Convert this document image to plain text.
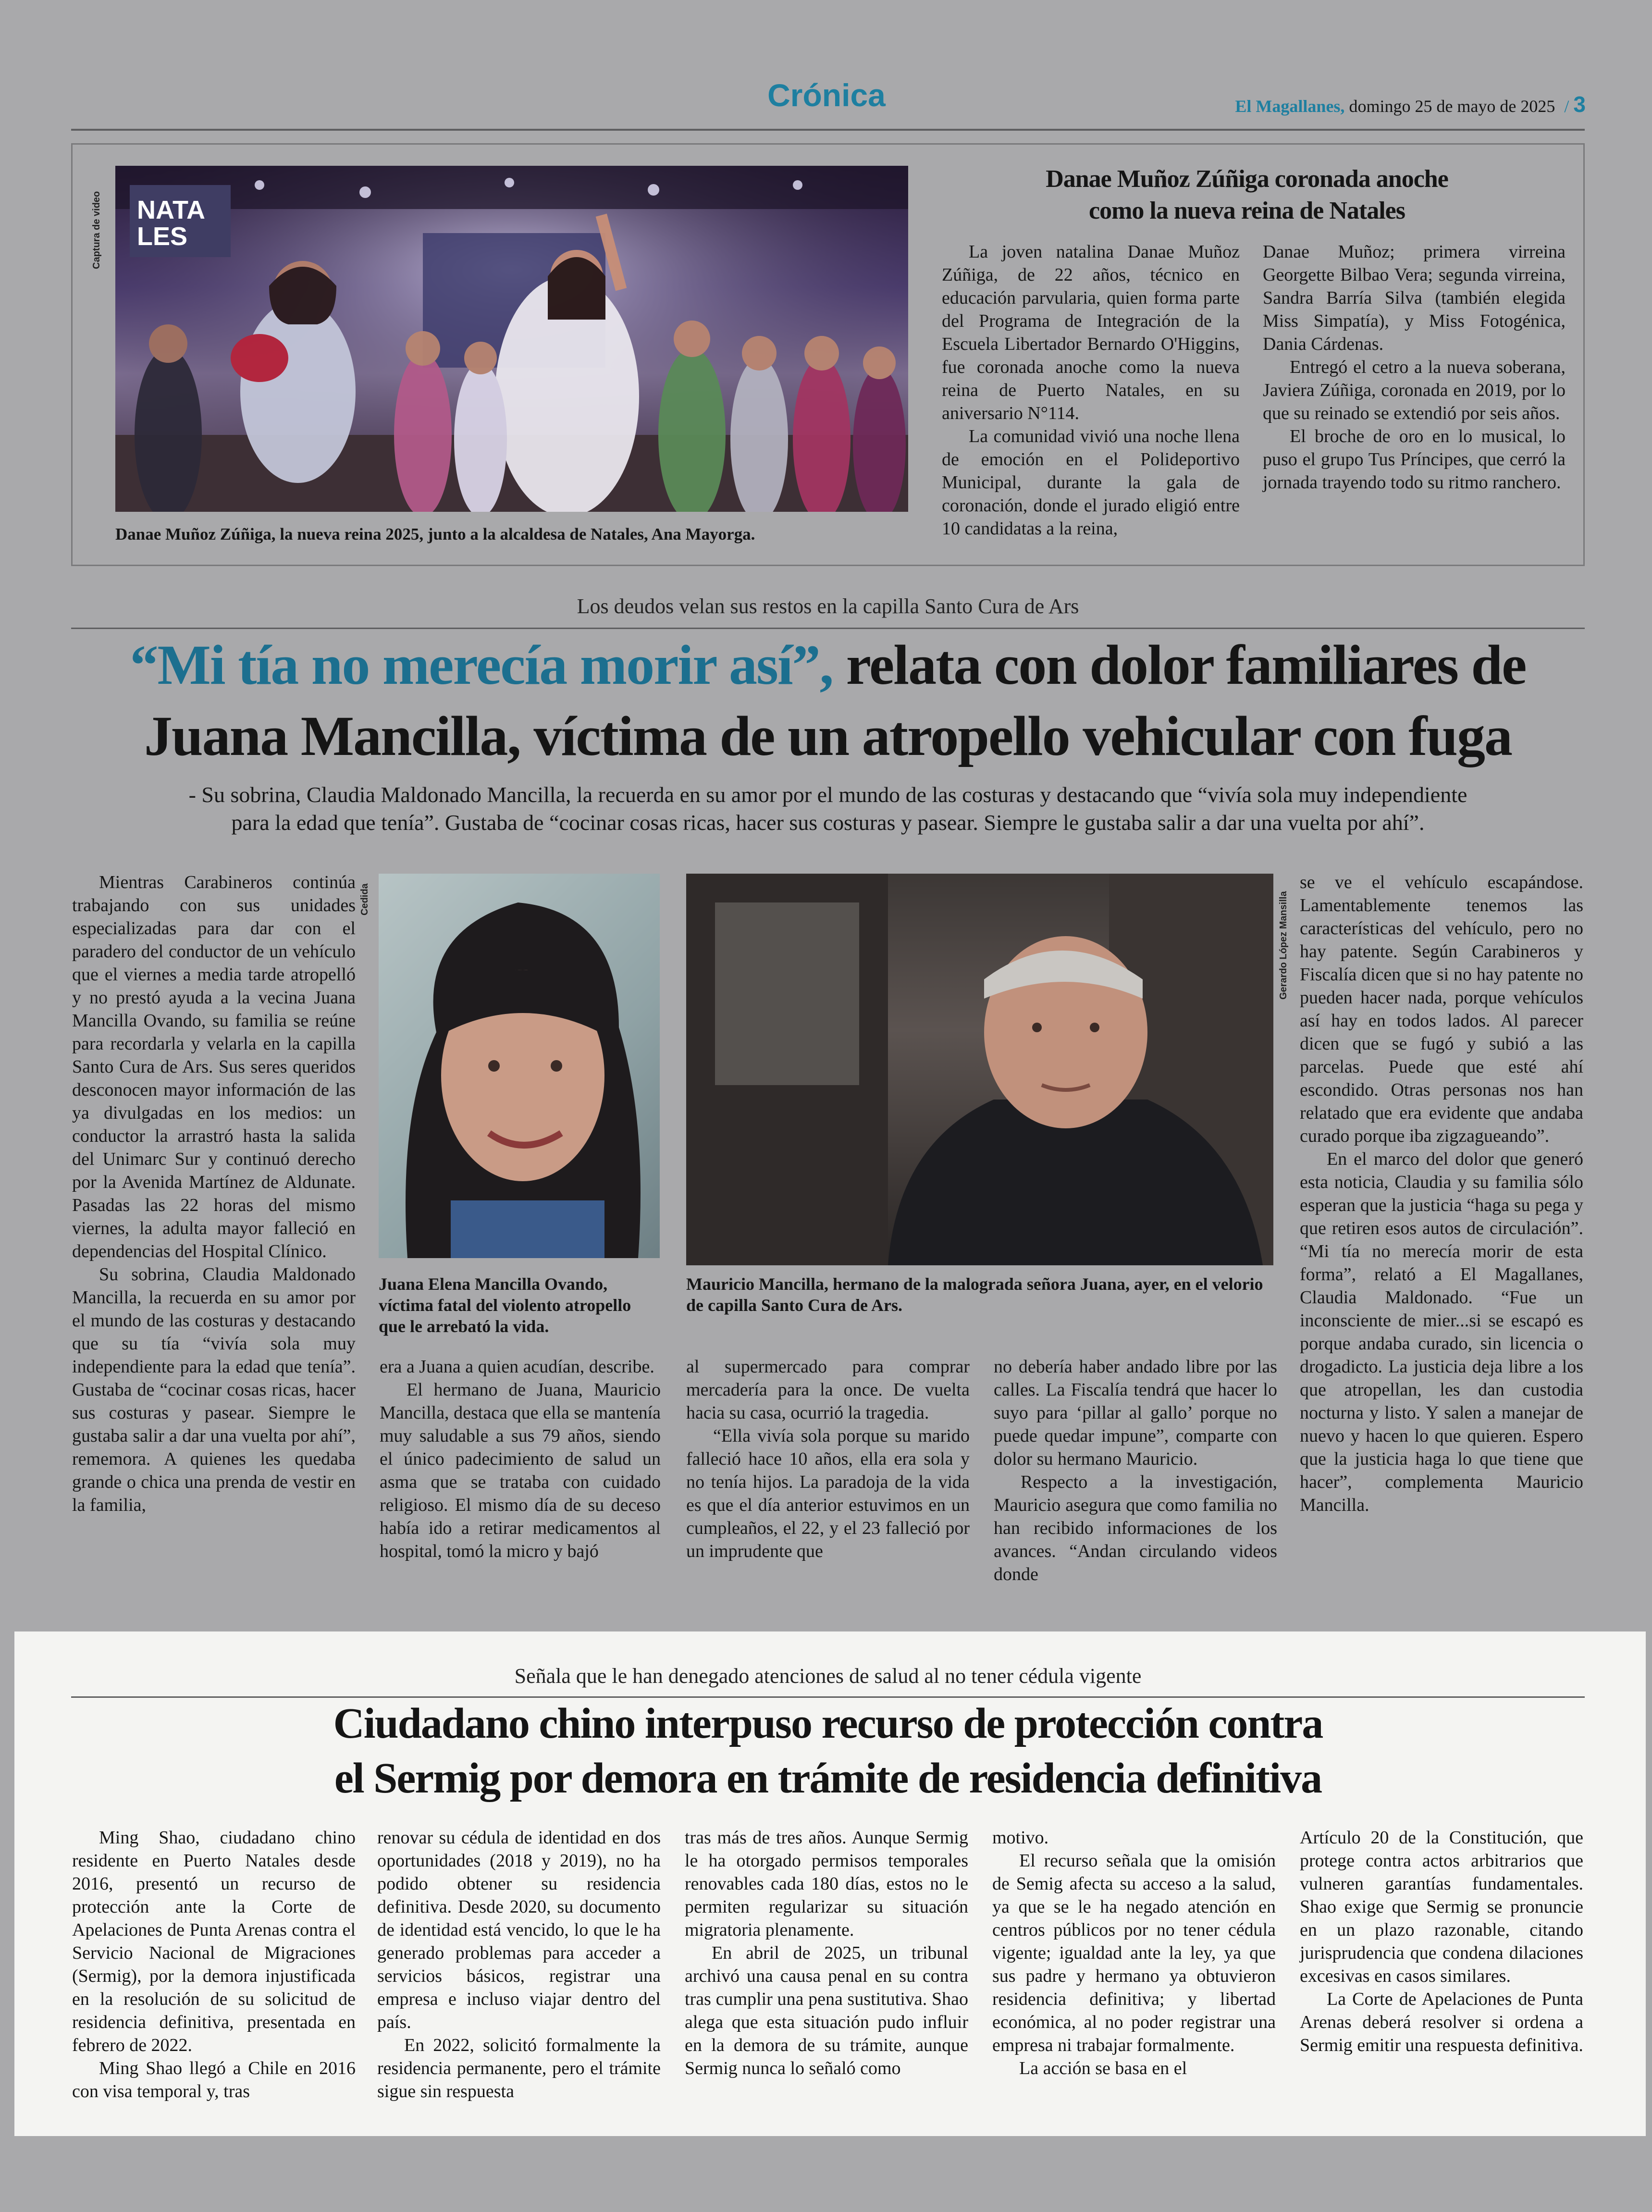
Crónica	El Magallanes, domingo 25 de mayo de 2025 / 3
Captura de video NATA
LES
Danae Muñoz Zúñiga, la nueva reina 2025, junto a la alcaldesa de Natales, Ana Mayorga.
Danae Muñoz Zúñiga coronada anoche
como la nueva reina de Natales

La joven natalina Danae Muñoz Zúñiga, de 22 años, técnico en educación parvularia, quien forma parte del Programa de Integración de la Escuela Libertador Bernardo O'Higgins, fue coronada anoche como la nueva reina de Puerto Natales, en su aniversario N°114.

La comunidad vivió una noche llena de emoción en el Polideportivo Municipal, durante la gala de coronación, donde el jurado eligió entre 10 candidatas a la reina,

Danae Muñoz; primera virreina Georgette Bilbao Vera; segunda virreina, Sandra Barría Silva (también elegida Miss Simpatía), y Miss Fotogénica, Dania Cárdenas.

Entregó el cetro a la nueva soberana, Javiera Zúñiga, coronada en 2019, por lo que su reinado se extendió por seis años.

El broche de oro en lo musical, lo puso el grupo Tus Príncipes, que cerró la jornada trayendo todo su ritmo ranchero.

Los deudos velan sus restos en la capilla Santo Cura de Ars
“Mi tía no merecía morir así”, relata con dolor familiares de
Juana Mancilla, víctima de un atropello vehicular con fuga
- Su sobrina, Claudia Maldonado Mancilla, la recuerda en su amor por el mundo de las costuras y destacando que “vivía sola muy independiente
para la edad que tenía”. Gustaba de “cocinar cosas ricas, hacer sus costuras y pasear. Siempre le gustaba salir a dar una vuelta por ahí”.

Mientras Carabineros continúa trabajando con sus unidades especializadas para dar con el paradero del conductor de un vehículo que el viernes a media tarde atropelló y no prestó ayuda a la vecina Juana Mancilla Ovando, su familia se reúne para recordarla y velarla en la capilla Santo Cura de Ars. Sus seres queridos desconocen mayor información de las ya divulgadas en los medios: un conductor la arrastró hasta la salida del Unimarc Sur y continuó derecho por la Avenida Martínez de Aldunate. Pasadas las 22 horas del mismo viernes, la adulta mayor falleció en dependencias del Hospital Clínico.

Su sobrina, Claudia Maldonado Mancilla, la recuerda en su amor por el mundo de las costuras y destacando que su tía “vivía sola muy independiente para la edad que tenía”. Gustaba de “cocinar cosas ricas, hacer sus costuras y pasear. Siempre le gustaba salir a dar una vuelta por ahí”, rememora. A quienes les quedaba grande o chica una prenda de vestir en la familia,

Cedida
Juana Elena Mancilla Ovando, víctima fatal del violento atropello que le arrebató la vida.
Gerardo López Mansilla
Mauricio Mancilla, hermano de la malograda señora Juana, ayer, en el velorio de capilla Santo Cura de Ars.

era a Juana a quien acudían, describe.

El hermano de Juana, Mauricio Mancilla, destaca que ella se mantenía muy saludable a sus 79 años, siendo el único padecimiento de salud un asma que se trataba con cuidado religioso. El mismo día de su deceso había ido a retirar medicamentos al hospital, tomó la micro y bajó

al supermercado para comprar mercadería para la once. De vuelta hacia su casa, ocurrió la tragedia.

“Ella vivía sola porque su marido falleció hace 10 años, ella era sola y no tenía hijos. La paradoja de la vida es que el día anterior estuvimos en un cumpleaños, el 22, y el 23 falleció por un imprudente que

no debería haber andado libre por las calles. La Fiscalía tendrá que hacer lo suyo para ‘pillar al gallo’ porque no puede quedar impune”, comparte con dolor su hermano Mauricio.

Respecto a la investigación, Mauricio asegura que como familia no han recibido informaciones de los avances. “Andan circulando videos donde

se ve el vehículo escapándose. Lamentablemente tenemos las características del vehículo, pero no hay patente. Según Carabineros y Fiscalía dicen que si no hay patente no pueden hacer nada, porque vehículos así hay en todos lados. Al parecer dicen que se fugó y subió a las parcelas. Puede que esté ahí escondido. Otras personas nos han relatado que era evidente que andaba curado porque iba zigzagueando”.

En el marco del dolor que generó esta noticia, Claudia y su familia sólo esperan que la justicia “haga su pega y que retiren esos autos de circulación”. “Mi tía no merecía morir de esta forma”, relató a El Magallanes, Claudia Maldonado. “Fue un inconsciente de mier...si se escapó es porque andaba curado, sin licencia o drogadicto. La justicia deja libre a los que atropellan, les dan custodia nocturna y listo. Y salen a manejar de nuevo y hacen lo que quieren. Espero que la justicia haga lo que tiene que hacer”, complementa Mauricio Mancilla.

Señala que le han denegado atenciones de salud al no tener cédula vigente
Ciudadano chino interpuso recurso de protección contra
el Sermig por demora en trámite de residencia definitiva

Ming Shao, ciudadano chino residente en Puerto Natales desde 2016, presentó un recurso de protección ante la Corte de Apelaciones de Punta Arenas contra el Servicio Nacional de Migraciones (Sermig), por la demora injustificada en la resolución de su solicitud de residencia definitiva, presentada en febrero de 2022.

Ming Shao llegó a Chile en 2016 con visa temporal y, tras

renovar su cédula de identidad en dos oportunidades (2018 y 2019), no ha podido obtener su residencia definitiva. Desde 2020, su documento de identidad está vencido, lo que le ha generado problemas para acceder a servicios básicos, registrar una empresa e incluso viajar dentro del país.

En 2022, solicitó formalmente la residencia permanente, pero el trámite sigue sin respuesta

tras más de tres años. Aunque Sermig le ha otorgado permisos temporales renovables cada 180 días, estos no le permiten regularizar su situación migratoria plenamente.

En abril de 2025, un tribunal archivó una causa penal en su contra tras cumplir una pena sustitutiva. Shao alega que esta situación pudo influir en la demora de su trámite, aunque Sermig nunca lo señaló como

motivo.

El recurso señala que la omisión de Semig afecta su acceso a la salud, ya que se le ha negado atención en centros públicos por no tener cédula vigente; igualdad ante la ley, ya que sus padre y hermano ya obtuvieron residencia definitiva; y libertad económica, al no poder registrar una empresa ni trabajar formalmente.

La acción se basa en el

Artículo 20 de la Constitución, que protege contra actos arbitrarios que vulneren garantías fundamentales. Shao exige que Sermig se pronuncie en un plazo razonable, citando jurisprudencia que condena dilaciones excesivas en casos similares.

La Corte de Apelaciones de Punta Arenas deberá resolver si ordena a Sermig emitir una respuesta definitiva.
